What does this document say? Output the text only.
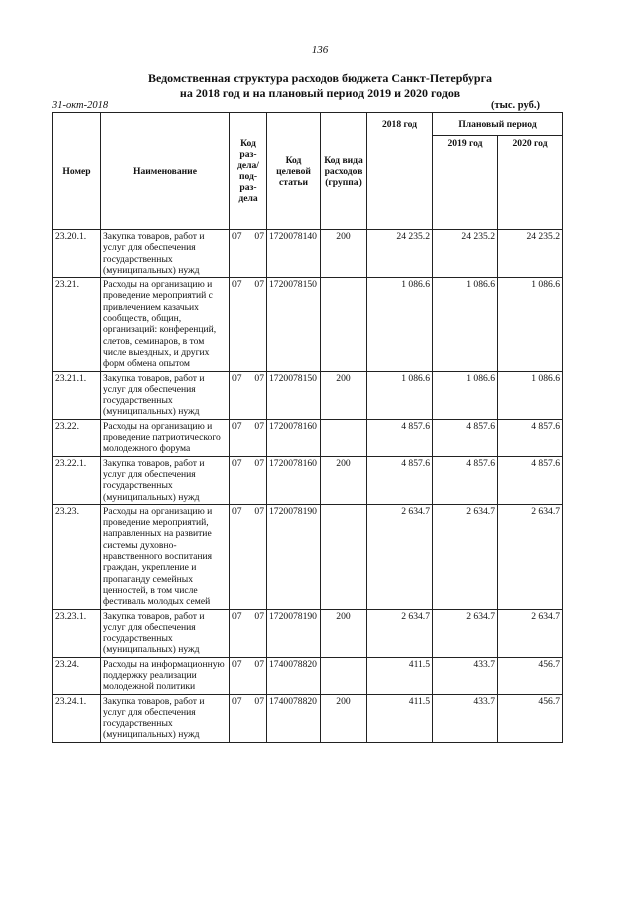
136
Ведомственная структура расходов бюджета Санкт-Петербурга
на 2018 год и на плановый период 2019 и 2020 годов
31-окт-2018	(тыс. руб.)
Номер	Наименование	Код раз-дела/ под-раз-дела	Код целевой статьи	Код вида расходов (группа)	2018 год	Плановый период	
						2019 год	2020 год
23.20.1.	Закупка товаров, работ и услуг для обеспечения государственных (муниципальных) нужд	07 07	1720078140	200	24 235.2	24 235.2	24 235.2
23.21.	Расходы на организацию и проведение мероприятий с привлечением казачьих сообществ, общин, организаций: конференций, слетов, семинаров, в том числе выездных, и других форм обмена опытом	07 07	1720078150		1 086.6	1 086.6	1 086.6
23.21.1.	Закупка товаров, работ и услуг для обеспечения государственных (муниципальных) нужд	07 07	1720078150	200	1 086.6	1 086.6	1 086.6
23.22.	Расходы на организацию и проведение патриотического молодежного форума	07 07	1720078160		4 857.6	4 857.6	4 857.6
23.22.1.	Закупка товаров, работ и услуг для обеспечения государственных (муниципальных) нужд	07 07	1720078160	200	4 857.6	4 857.6	4 857.6
23.23.	Расходы на организацию и проведение мероприятий, направленных на развитие системы духовно-нравственного воспитания граждан, укрепление и пропаганду семейных ценностей, в том числе фестиваль молодых семей	07 07	1720078190		2 634.7	2 634.7	2 634.7
23.23.1.	Закупка товаров, работ и услуг для обеспечения государственных (муниципальных) нужд	07 07	1720078190	200	2 634.7	2 634.7	2 634.7
23.24.	Расходы на информационную поддержку реализации молодежной политики	07 07	1740078820		411.5	433.7	456.7
23.24.1.	Закупка товаров, работ и услуг для обеспечения государственных (муниципальных) нужд	07 07	1740078820	200	411.5	433.7	456.7
